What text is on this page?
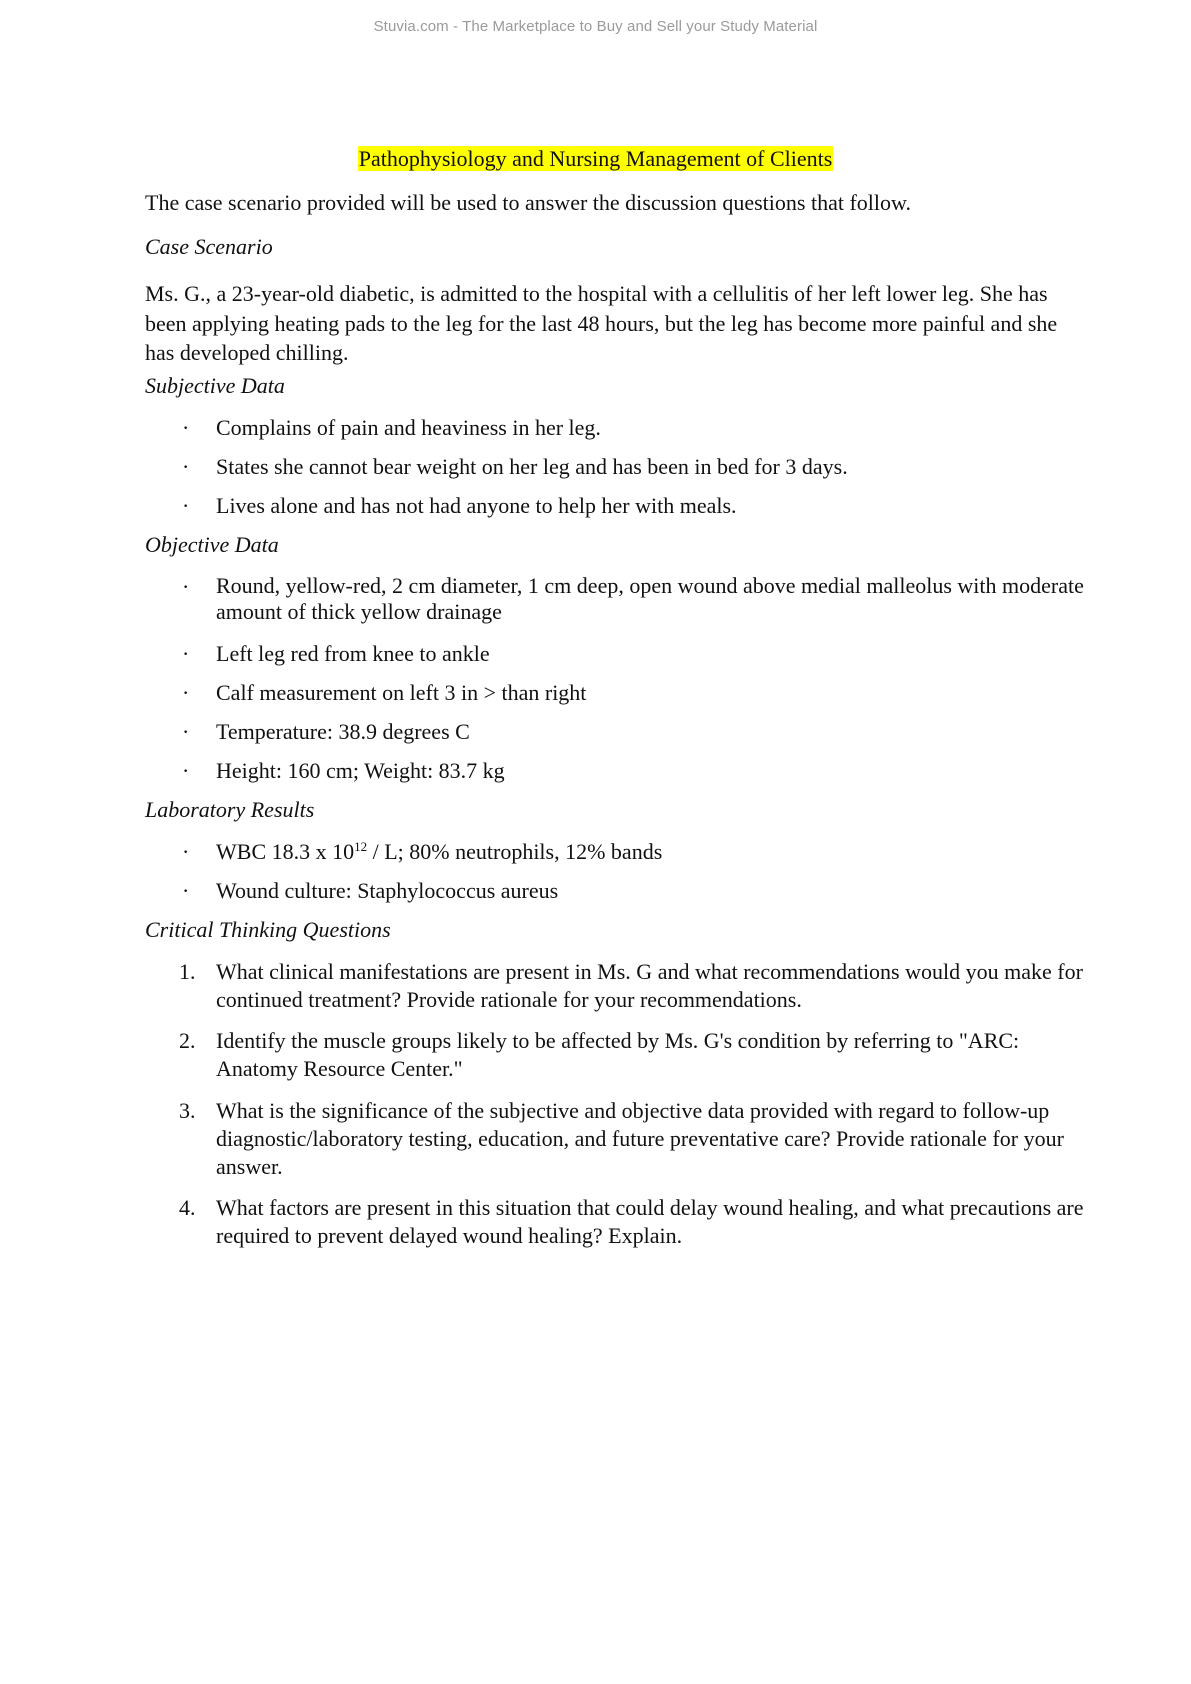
Stuvia.com - The Marketplace to Buy and Sell your Study Material
Pathophysiology and Nursing Management of Clients
The case scenario provided will be used to answer the discussion questions that follow.
Case Scenario
Ms. G., a 23-year-old diabetic, is admitted to the hospital with a cellulitis of her left lower leg. She has been applying heating pads to the leg for the last 48 hours, but the leg has become more painful and she has developed chilling.
Subjective Data
· Complains of pain and heaviness in her leg.
· States she cannot bear weight on her leg and has been in bed for 3 days.
· Lives alone and has not had anyone to help her with meals.
Objective Data
· Round, yellow-red, 2 cm diameter, 1 cm deep, open wound above medial malleolus with moderate amount of thick yellow drainage
· Left leg red from knee to ankle
· Calf measurement on left 3 in > than right
· Temperature: 38.9 degrees C
· Height: 160 cm; Weight: 83.7 kg
Laboratory Results
· WBC 18.3 x $10^{12}$ / L; 80% neutrophils, 12% bands
· Wound culture: Staphylococcus aureus
Critical Thinking Questions
1. What clinical manifestations are present in Ms. G and what recommendations would you make for continued treatment? Provide rationale for your recommendations.
2. Identify the muscle groups likely to be affected by Ms. G's condition by referring to "ARC: Anatomy Resource Center."
3. What is the significance of the subjective and objective data provided with regard to follow-up diagnostic/laboratory testing, education, and future preventative care? Provide rationale for your answer.
4. What factors are present in this situation that could delay wound healing, and what precautions are required to prevent delayed wound healing? Explain.
